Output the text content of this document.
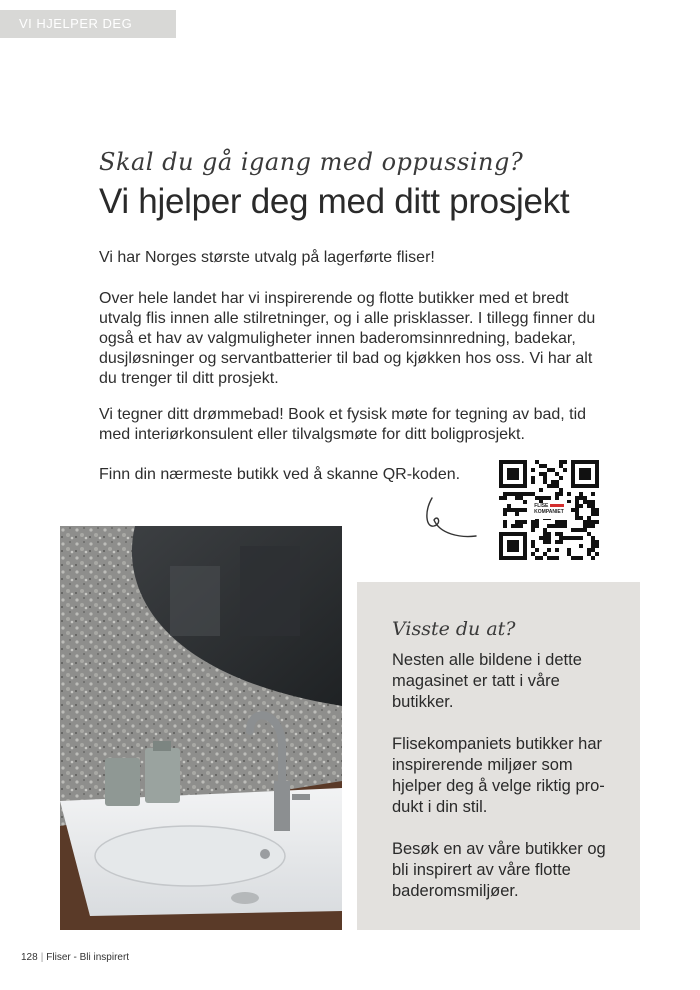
VI HJELPER DEG
Skal du gå igang med oppussing?
Vi hjelper deg med ditt prosjekt

Vi har Norges største utvalg på lagerførte fliser!

Over hele landet har vi inspirerende og flotte butikker med et bredt utvalg flis innen alle stilretninger, og i alle prisklasser. I tillegg finner du også et hav av valgmuligheter innen baderomsinnredning, badekar, dusjløsninger og servantbatterier til bad og kjøkken hos oss. Vi har alt du trenger til ditt prosjekt.

Vi tegner ditt drømmebad! Book et fysisk møte for tegning av bad, tid med interiørkonsulent eller tilvalgsmøte for ditt boligprosjekt.

Finn din nærmeste butikk ved å skanne QR-koden.

FLISE
KOMPANIET
Visste du at?

Nesten alle bildene i dette magasinet er tatt i våre butikker.

Flisekompaniets butikker har inspirerende miljøer som hjelper deg å velge riktig pro-dukt i din stil.

Besøk en av våre butikker og bli inspirert av våre flotte baderomsmiljøer.

128 | Fliser - Bli inspirert
